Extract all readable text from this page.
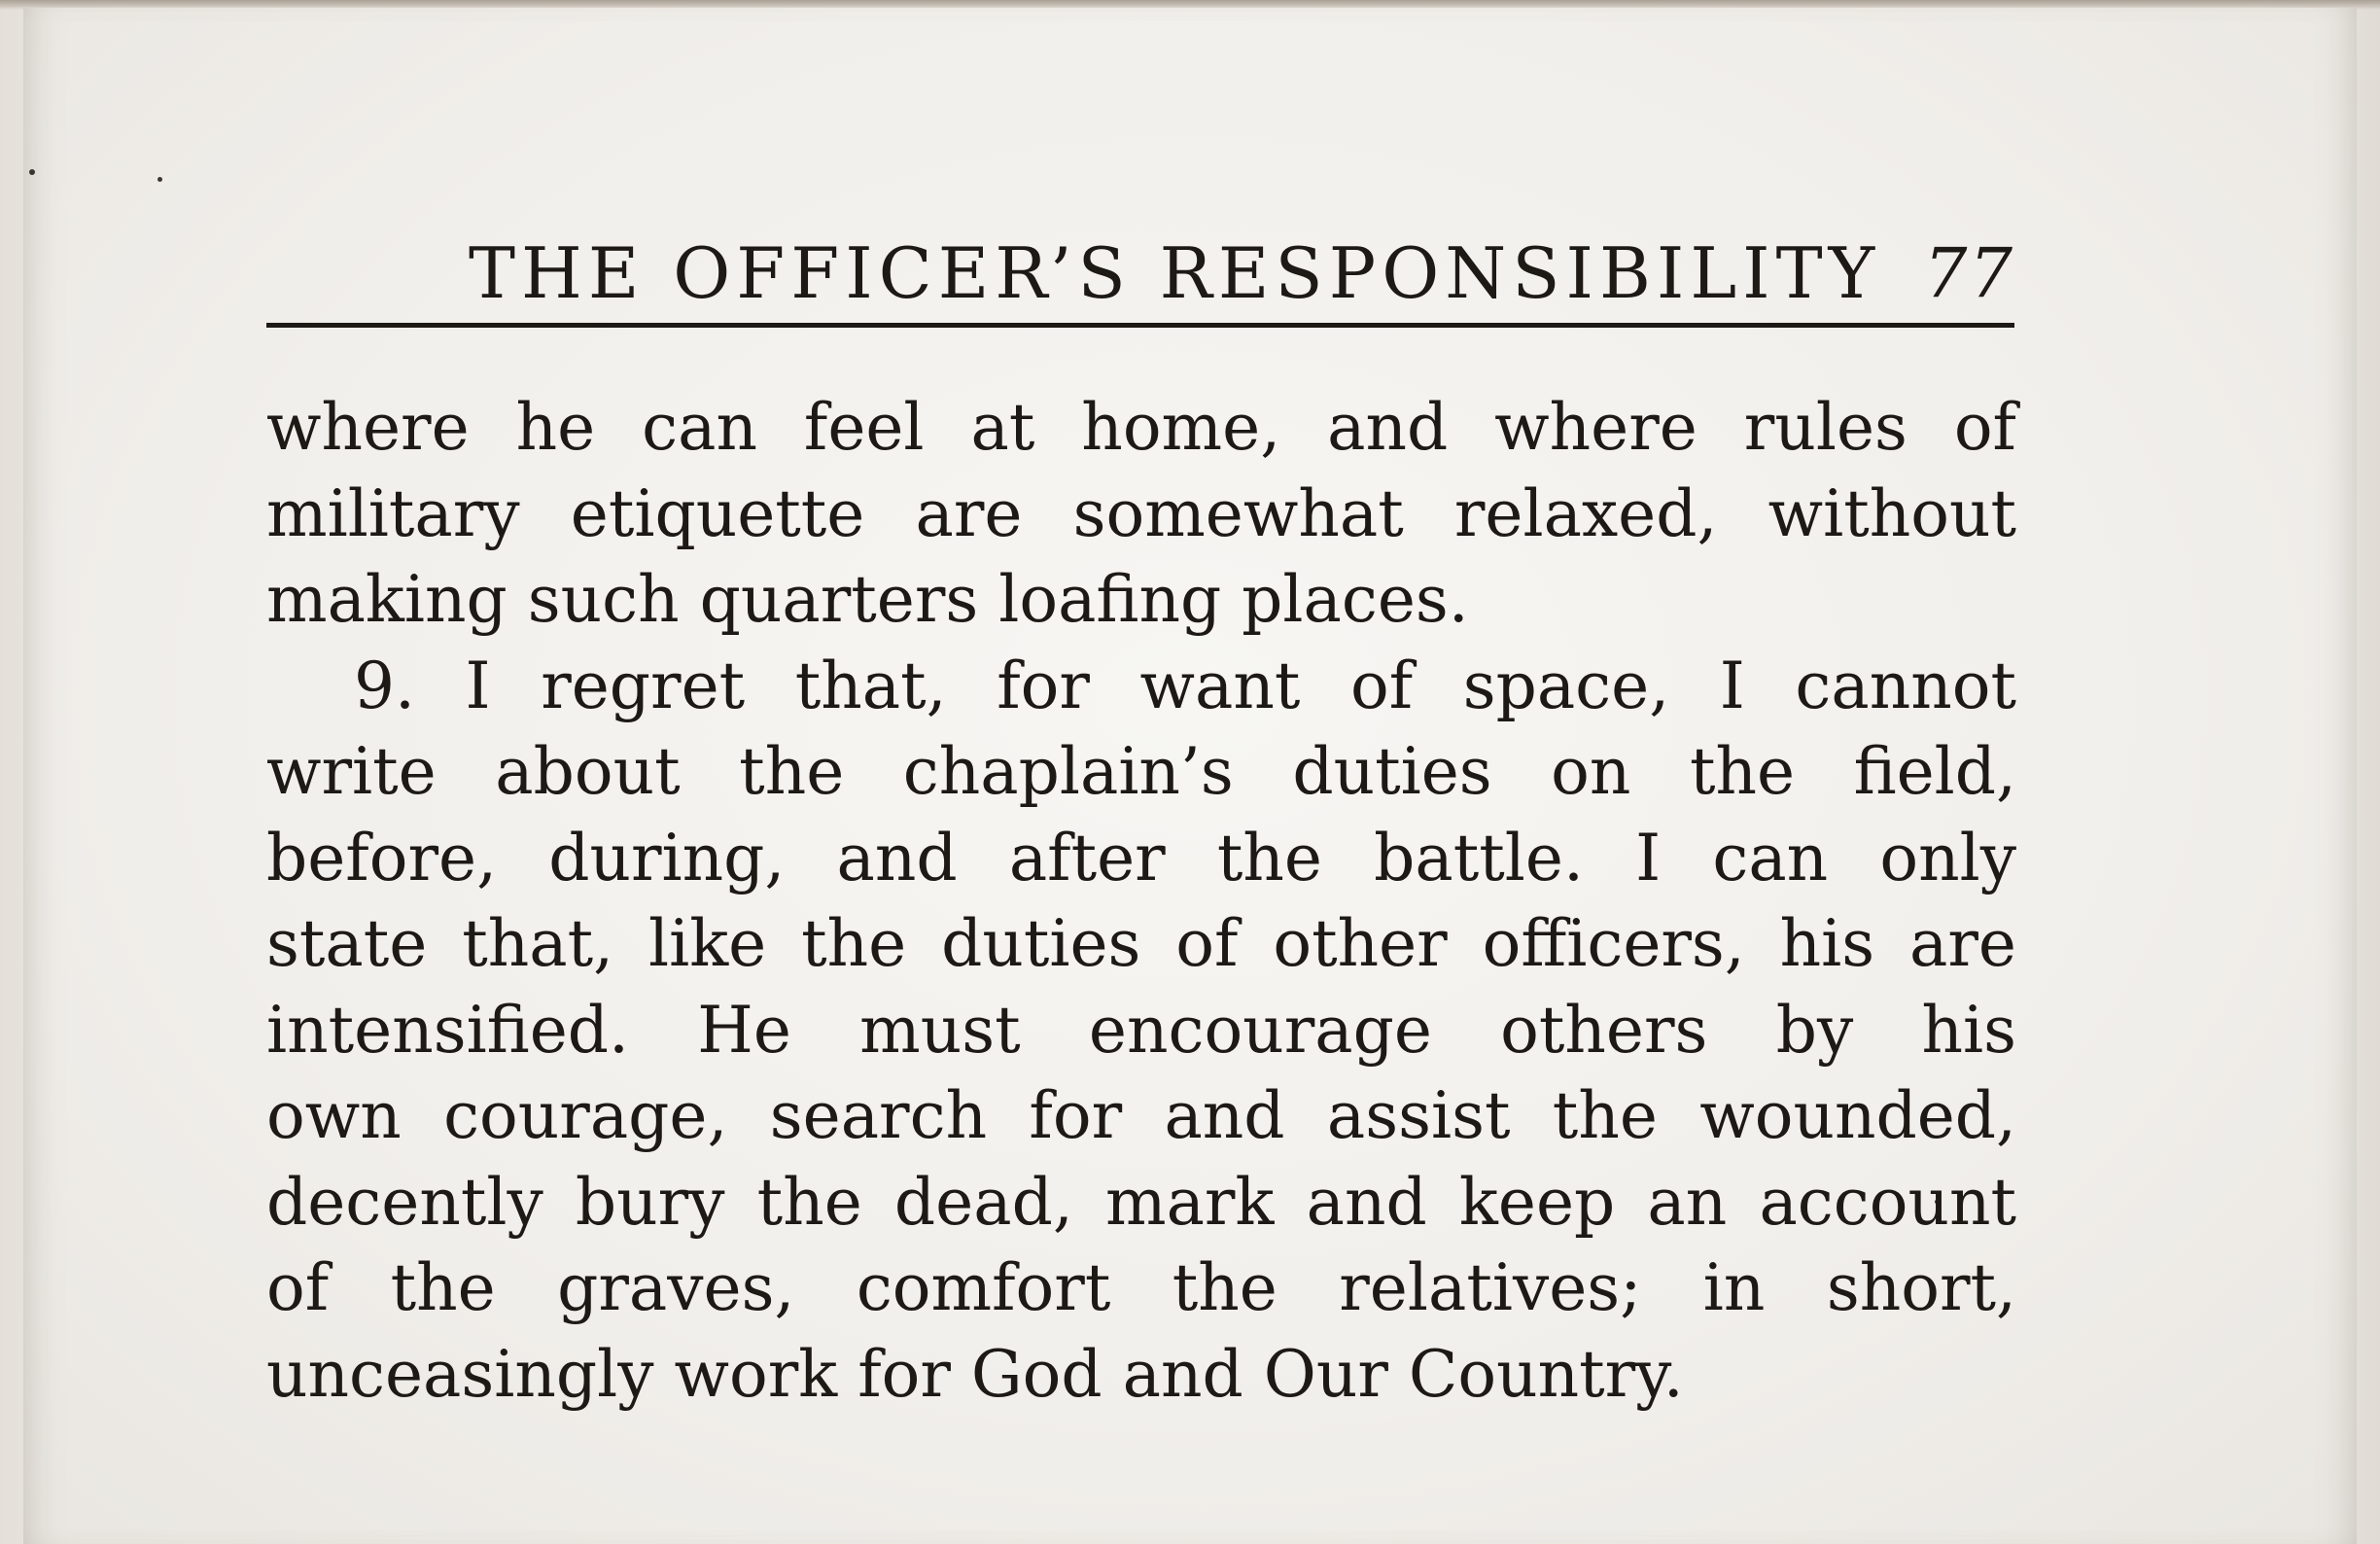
THE OFFICER’S RESPONSIBILITY 77
where he can feel at home, and where rules of
military etiquette are somewhat relaxed, without
making such quarters loafing places.
9. I regret that, for want of space, I cannot
write about the chaplain’s duties on the field,
before, during, and after the battle. I can only
state that, like the duties of other officers, his are
intensified. He must encourage others by his
own courage, search for and assist the wounded,
decently bury the dead, mark and keep an account
of the graves, comfort the relatives; in short,
unceasingly work for God and Our Country.
